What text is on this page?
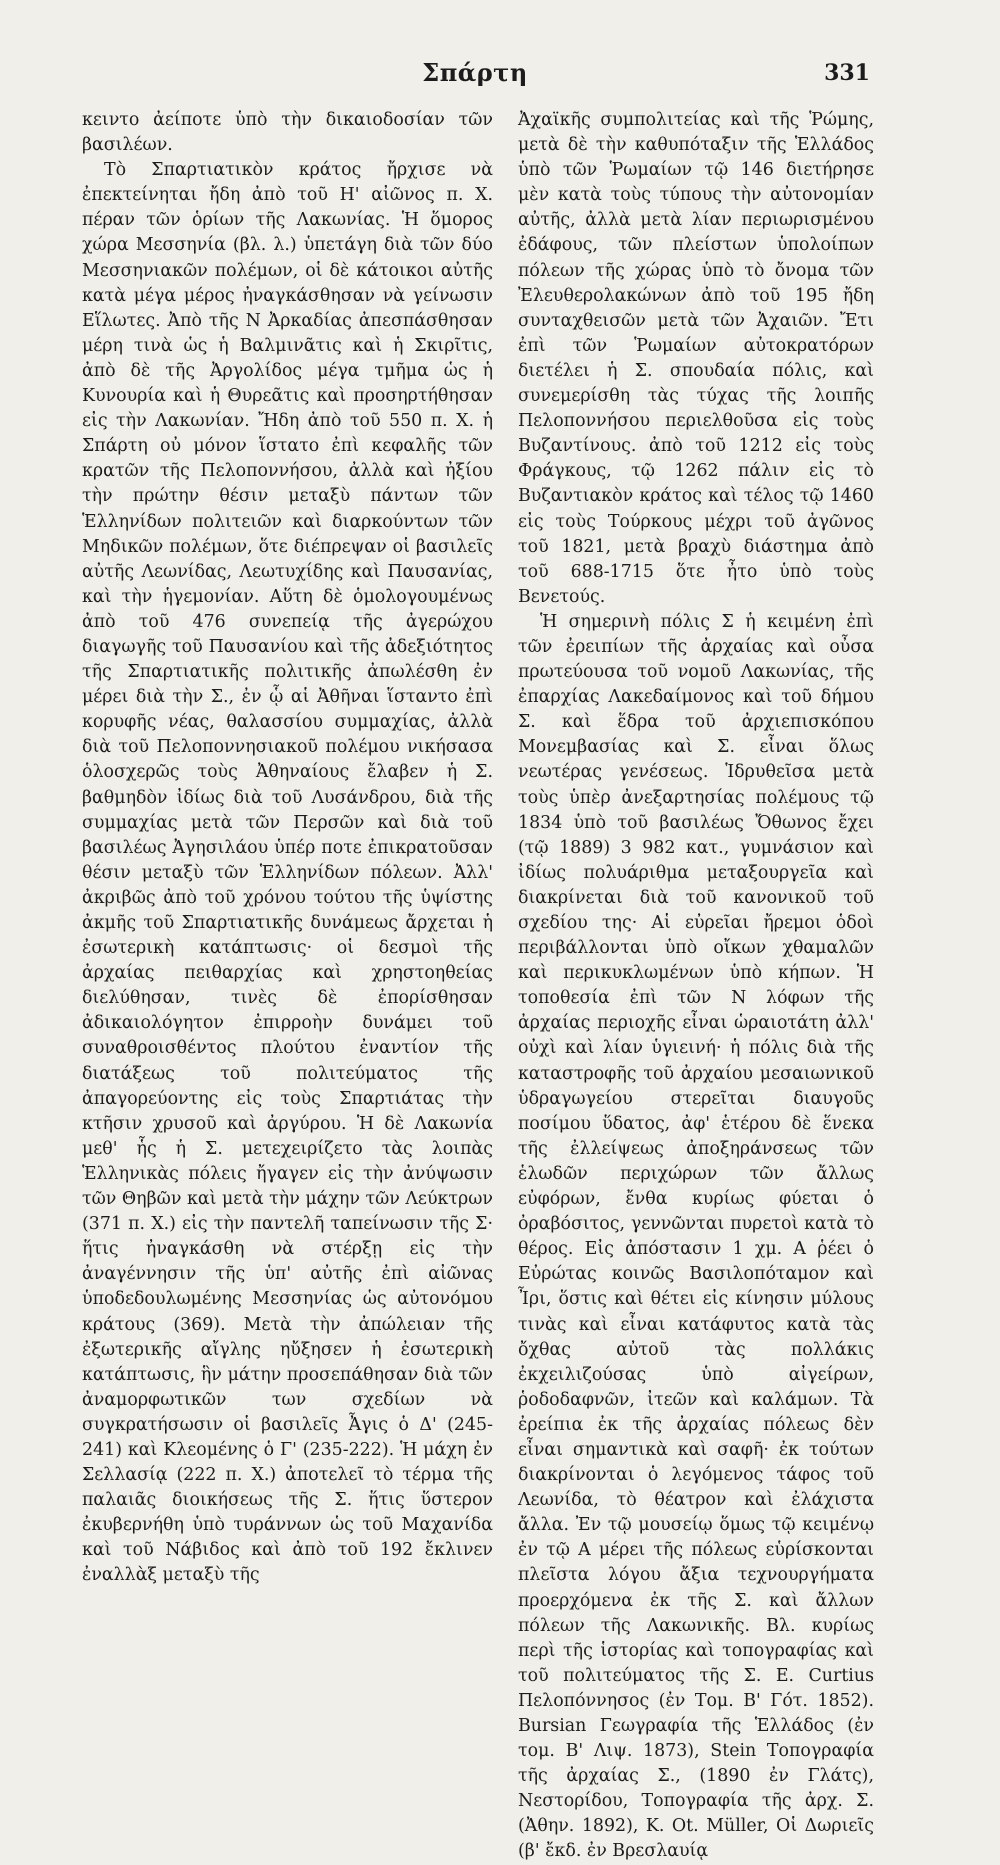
Σπάρτη	331

κειντο ἀείποτε ὑπὸ τὴν δικαιοδοσίαν τῶν βασιλέων.

Τὸ Σπαρτιατικὸν κράτος ἤρχισε νὰ ἐπεκτείνηται ἤδη ἀπὸ τοῦ Η' αἰῶνος π. Χ. πέραν τῶν ὁρίων τῆς Λακωνίας. Ἡ ὅμορος χώρα Μεσσηνία (βλ. λ.) ὑπετάγη διὰ τῶν δύο Μεσσηνιακῶν πολέμων, οἱ δὲ κάτοικοι αὐτῆς κατὰ μέγα μέρος ἠναγκάσθησαν νὰ γείνωσιν Εἵλωτες. Ἀπὸ τῆς Ν Ἀρκαδίας ἀπεσπάσθησαν μέρη τινὰ ὡς ἡ Βαλμινᾶτις καὶ ἡ Σκιρῖτις, ἀπὸ δὲ τῆς Ἀργολίδος μέγα τμῆμα ὡς ἡ Κυνουρία καὶ ἡ Θυρεᾶτις καὶ προσηρτήθησαν εἰς τὴν Λακωνίαν. Ἤδη ἀπὸ τοῦ 550 π. Χ. ἡ Σπάρτη οὐ μόνον ἵστατο ἐπὶ κεφαλῆς τῶν κρατῶν τῆς Πελοποννήσου, ἀλλὰ καὶ ἠξίου τὴν πρώτην θέσιν μεταξὺ πάντων τῶν Ἑλληνίδων πολιτειῶν καὶ διαρκούντων τῶν Μηδικῶν πολέμων, ὅτε διέπρεψαν οἱ βασιλεῖς αὐτῆς Λεωνίδας, Λεωτυχίδης καὶ Παυσανίας, καὶ τὴν ἡγεμονίαν. Αὕτη δὲ ὁμολογουμένως ἀπὸ τοῦ 476 συνεπείᾳ τῆς ἀγερώχου διαγωγῆς τοῦ Παυσανίου καὶ τῆς ἀδεξιότητος τῆς Σπαρτιατικῆς πολιτικῆς ἀπωλέσθη ἐν μέρει διὰ τὴν Σ., ἐν ᾧ αἱ Ἀθῆναι ἵσταντο ἐπὶ κορυφῆς νέας, θαλασσίου συμμαχίας, ἀλλὰ διὰ τοῦ Πελοποννησιακοῦ πολέμου νικήσασα ὁλοσχερῶς τοὺς Ἀθηναίους ἔλαβεν ἡ Σ. βαθμηδὸν ἰδίως διὰ τοῦ Λυσάνδρου, διὰ τῆς συμμαχίας μετὰ τῶν Περσῶν καὶ διὰ τοῦ βασιλέως Ἀγησιλάου ὑπέρ ποτε ἐπικρατοῦσαν θέσιν μεταξὺ τῶν Ἑλληνίδων πόλεων. Ἀλλ' ἀκριβῶς ἀπὸ τοῦ χρόνου τούτου τῆς ὑψίστης ἀκμῆς τοῦ Σπαρτιατικῆς δυνάμεως ἄρχεται ἡ ἐσωτερικὴ κατάπτωσις· οἱ δεσμοὶ τῆς ἀρχαίας πειθαρχίας καὶ χρηστοηθείας διελύθησαν, τινὲς δὲ ἐπορίσθησαν ἀδικαιολόγητον ἐπιρροὴν δυνάμει τοῦ συναθροισθέντος πλούτου ἐναντίον τῆς διατάξεως τοῦ πολιτεύματος τῆς ἀπαγορεύοντης εἰς τοὺς Σπαρτιάτας τὴν κτῆσιν χρυσοῦ καὶ ἀργύρου. Ἡ δὲ Λακωνία μεθ' ἧς ἡ Σ. μετεχειρίζετο τὰς λοιπὰς Ἑλληνικὰς πόλεις ἤγαγεν εἰς τὴν ἀνύψωσιν τῶν Θηβῶν καὶ μετὰ τὴν μάχην τῶν Λεύκτρων (371 π. Χ.) εἰς τὴν παντελῆ ταπείνωσιν τῆς Σ· ἥτις ἠναγκάσθη νὰ στέρξῃ εἰς τὴν ἀναγέννησιν τῆς ὑπ' αὐτῆς ἐπὶ αἰῶνας ὑποδεδουλωμένης Μεσσηνίας ὡς αὐτονόμου κράτους (369). Μετὰ τὴν ἀπώλειαν τῆς ἐξωτερικῆς αἴγλης ηὔξησεν ἡ ἐσωτερικὴ κατάπτωσις, ἣν μάτην προσεπάθησαν διὰ τῶν ἀναμορφωτικῶν των σχεδίων νὰ συγκρατήσωσιν οἱ βασιλεῖς Ἆγις ὁ Δ' (245-241) καὶ Κλεομένης ὁ Γ' (235-222). Ἡ μάχη ἐν Σελλασίᾳ (222 π. Χ.) ἀποτελεῖ τὸ τέρμα τῆς παλαιᾶς διοικήσεως τῆς Σ. ἥτις ὕστερον ἐκυβερνήθη ὑπὸ τυράννων ὡς τοῦ Μαχανίδα καὶ τοῦ Νάβιδος καὶ ἀπὸ τοῦ 192 ἔκλινεν ἐναλλὰξ μεταξὺ τῆς

Ἀχαϊκῆς συμπολιτείας καὶ τῆς Ῥώμης, μετὰ δὲ τὴν καθυπόταξιν τῆς Ἑλλάδος ὑπὸ τῶν Ῥωμαίων τῷ 146 διετήρησε μὲν κατὰ τοὺς τύπους τὴν αὐτονομίαν αὐτῆς, ἀλλὰ μετὰ λίαν περιωρισμένου ἐδάφους, τῶν πλείστων ὑπολοίπων πόλεων τῆς χώρας ὑπὸ τὸ ὄνομα τῶν Ἐλευθερολακώνων ἀπὸ τοῦ 195 ἤδη συνταχθεισῶν μετὰ τῶν Ἀχαιῶν. Ἔτι ἐπὶ τῶν Ῥωμαίων αὐτοκρατόρων διετέλει ἡ Σ. σπουδαία πόλις, καὶ συνεμερίσθη τὰς τύχας τῆς λοιπῆς Πελοποννήσου περιελθοῦσα εἰς τοὺς Βυζαντίνους. ἀπὸ τοῦ 1212 εἰς τοὺς Φράγκους, τῷ 1262 πάλιν εἰς τὸ Βυζαντιακὸν κράτος καὶ τέλος τῷ 1460 εἰς τοὺς Τούρκους μέχρι τοῦ ἀγῶνος τοῦ 1821, μετὰ βραχὺ διάστημα ἀπὸ τοῦ 688-1715 ὅτε ἦτο ὑπὸ τοὺς Βενετούς.

Ἡ σημερινὴ πόλις Σ ἡ κειμένη ἐπὶ τῶν ἐρειπίων τῆς ἀρχαίας καὶ οὖσα πρωτεύουσα τοῦ νομοῦ Λακωνίας, τῆς ἐπαρχίας Λακεδαίμονος καὶ τοῦ δήμου Σ. καὶ ἕδρα τοῦ ἀρχιεπισκόπου Μονεμβασίας καὶ Σ. εἶναι ὅλως νεωτέρας γενέσεως. Ἱδρυθεῖσα μετὰ τοὺς ὑπὲρ ἀνεξαρτησίας πολέμους τῷ 1834 ὑπὸ τοῦ βασιλέως Ὄθωνος ἔχει (τῷ 1889) 3 982 κατ., γυμνάσιον καὶ ἰδίως πολυάριθμα μεταξουργεῖα καὶ διακρίνεται διὰ τοῦ κανονικοῦ τοῦ σχεδίου της· Αἱ εὐρεῖαι ἤρεμοι ὁδοὶ περιβάλλονται ὑπὸ οἴκων χθαμαλῶν καὶ περικυκλωμένων ὑπὸ κήπων. Ἡ τοποθεσία ἐπὶ τῶν Ν λόφων τῆς ἀρχαίας περιοχῆς εἶναι ὡραιοτάτη ἀλλ' οὐχὶ καὶ λίαν ὑγιεινή· ἡ πόλις διὰ τῆς καταστροφῆς τοῦ ἀρχαίου μεσαιωνικοῦ ὑδραγωγείου στερεῖται διαυγοῦς ποσίμου ὕδατος, ἀφ' ἑτέρου δὲ ἕνεκα τῆς ἐλλείψεως ἀποξηράνσεως τῶν ἑλωδῶν περιχώρων τῶν ἄλλως εὐφόρων, ἔνθα κυρίως φύεται ὁ ὀραβόσιτος, γεννῶνται πυρετοὶ κατὰ τὸ θέρος. Εἰς ἀπόστασιν 1 χμ. Α ῥέει ὁ Εὐρώτας κοινῶς Βασιλοπόταμον καὶ Ἶρι, ὅστις καὶ θέτει εἰς κίνησιν μύλους τινὰς καὶ εἶναι κατάφυτος κατὰ τὰς ὄχθας αὐτοῦ τὰς πολλάκις ἐκχειλιζούσας ὑπὸ αἰγείρων, ῥοδοδαφνῶν, ἰτεῶν καὶ καλάμων. Τὰ ἐρείπια ἐκ τῆς ἀρχαίας πόλεως δὲν εἶναι σημαντικὰ καὶ σαφῆ· ἐκ τούτων διακρίνονται ὁ λεγόμενος τάφος τοῦ Λεωνίδα, τὸ θέατρον καὶ ἐλάχιστα ἄλλα. Ἐν τῷ μουσείῳ ὅμως τῷ κειμένῳ ἐν τῷ Α μέρει τῆς πόλεως εὑρίσκονται πλεῖστα λόγου ἄξια τεχνουργήματα προερχόμενα ἐκ τῆς Σ. καὶ ἄλλων πόλεων τῆς Λακωνικῆς. Βλ. κυρίως περὶ τῆς ἱστορίας καὶ τοπογραφίας καὶ τοῦ πολιτεύματος τῆς Σ. E. Curtius Πελοπόννησος (ἐν Τομ. Β' Γότ. 1852). Bursian Γεωγραφία τῆς Ἑλλάδος (ἐν τομ. Β' Λιψ. 1873), Stein Τοπογραφία τῆς ἀρχαίας Σ., (1890 ἐν Γλάτς), Νεστορίδου, Τοπογραφία τῆς ἀρχ. Σ. (Ἀθην. 1892), K. Ot. Müller, Οἱ Δωριεῖς (β' ἔκδ. ἐν Βρεσλαυίᾳ
